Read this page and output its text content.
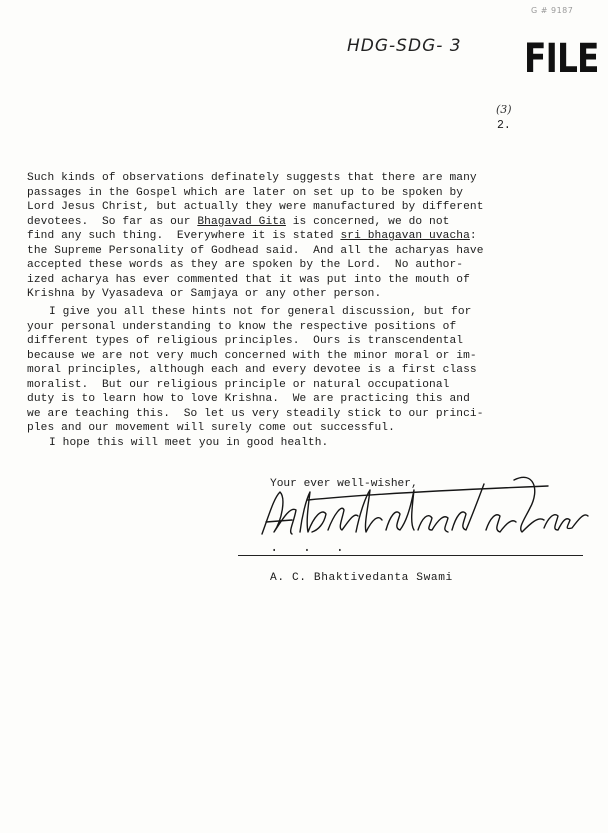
G # 9187
HDG-SDG- 3 FILE
(3)
2.
Such kinds of observations definately suggests that there are many
passages in the Gospel which are later on set up to be spoken by
Lord Jesus Christ, but actually they were manufactured by different
devotees.  So far as our Bhagavad Gita is concerned, we do not
find any such thing.  Everywhere it is stated sri bhagavan uvacha:
the Supreme Personality of Godhead said.  And all the acharyas have
accepted these words as they are spoken by the Lord.  No author-
ized acharya has ever commented that it was put into the mouth of
Krishna by Vyasadeva or Samjaya or any other person.
I give you all these hints not for general discussion, but for
your personal understanding to know the respective positions of
different types of religious principles.  Ours is transcendental
because we are not very much concerned with the minor moral or im-
moral principles, although each and every devotee is a first class
moralist.  But our religious principle or natural occupational
duty is to learn how to love Krishna.  We are practicing this and
we are teaching this.  So let us very steadily stick to our princi-
ples and our movement will surely come out successful.
I hope this will meet you in good health.
Your ever well-wisher,
. . .
A. C. Bhaktivedanta Swami
